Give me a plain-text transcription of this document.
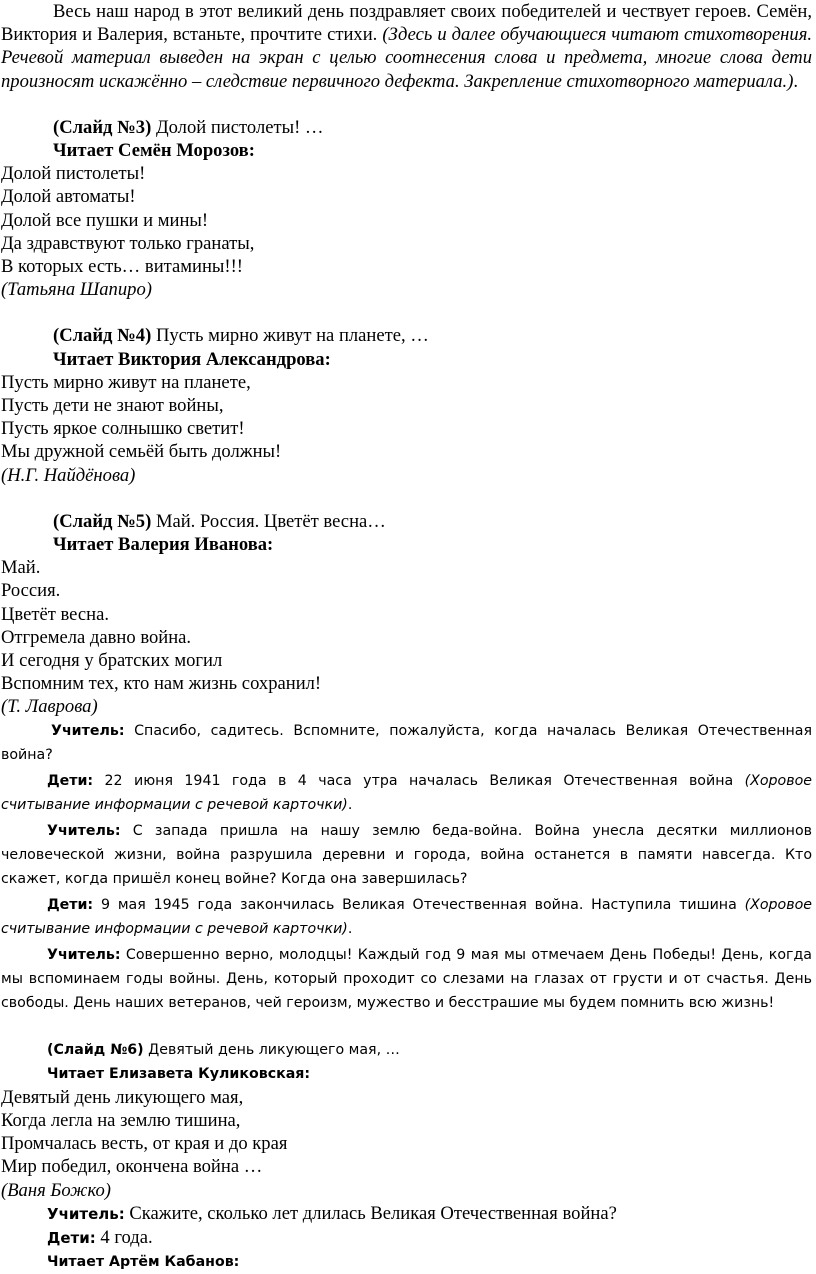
Весь наш народ в этот великий день поздравляет своих победителей и чествует героев. Семён, Виктория и Валерия, встаньте, прочтите стихи. (Здесь и далее обучающиеся читают стихотворения. Речевой материал выведен на экран с целью соотнесения слова и предмета, многие слова дети произносят искажённо – следствие первичного дефекта. Закрепление стихотворного материала.).

(Слайд №3) Долой пистолеты! …

Читает Семён Морозов:

Долой пистолеты!
Долой автоматы!
Долой все пушки и мины!
Да здравствуют только гранаты,
В которых есть… витамины!!!
(Татьяна Шапиро)

(Слайд №4) Пусть мирно живут на планете, …

Читает Виктория Александрова:

Пусть мирно живут на планете,
Пусть дети не знают войны,
Пусть яркое солнышко светит!
Мы дружной семьёй быть должны!
(Н.Г. Найдёнова)

(Слайд №5) Май. Россия. Цветёт весна…

Читает Валерия Иванова:

Май.
Россия.
Цветёт весна.
Отгремела давно война.
И сегодня у братских могил
Вспомним тех, кто нам жизнь сохранил!
(Т. Лаврова)

Учитель: Спасибо, садитесь. Вспомните, пожалуйста, когда началась Великая Отечественная война?

Дети: 22 июня 1941 года в 4 часа утра началась Великая Отечественная война (Хоровое считывание информации с речевой карточки).

Учитель: С запада пришла на нашу землю беда-война. Война унесла десятки миллионов человеческой жизни, война разрушила деревни и города, война останется в памяти навсегда. Кто скажет, когда пришёл конец войне? Когда она завершилась?

Дети: 9 мая 1945 года закончилась Великая Отечественная война. Наступила тишина (Хоровое считывание информации с речевой карточки).

Учитель: Совершенно верно, молодцы! Каждый год 9 мая мы отмечаем День Победы! День, когда мы вспоминаем годы войны. День, который проходит со слезами на глазах от грусти и от счастья. День свободы. День наших ветеранов, чей героизм, мужество и бесстрашие мы будем помнить всю жизнь!

(Слайд №6) Девятый день ликующего мая, …

Читает Елизавета Куликовская:

Девятый день ликующего мая,
Когда легла на землю тишина,
Промчалась весть, от края и до края
Мир победил, окончена война …
(Ваня Божко)

Учитель: Скажите, сколько лет длилась Великая Отечественная война?

Дети: 4 года.

Читает Артём Кабанов:
